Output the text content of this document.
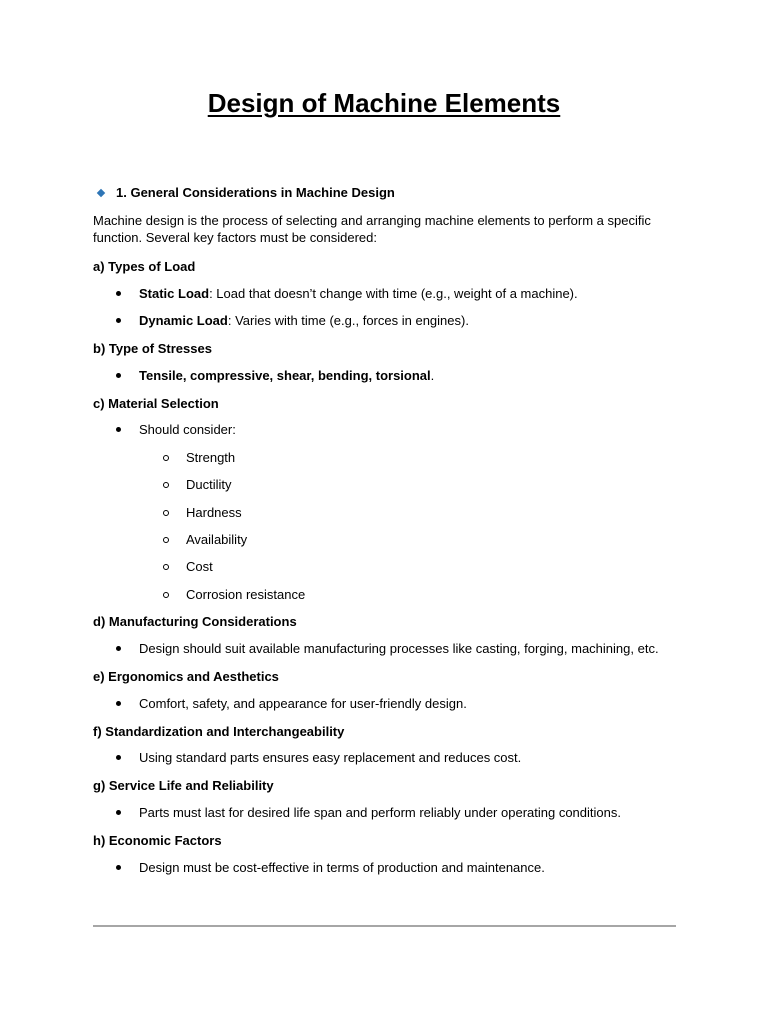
Design of Machine Elements
1. General Considerations in Machine Design
Machine design is the process of selecting and arranging machine elements to perform a specific function. Several key factors must be considered:
a) Types of Load
Static Load: Load that doesn’t change with time (e.g., weight of a machine).
Dynamic Load: Varies with time (e.g., forces in engines).
b) Type of Stresses
Tensile, compressive, shear, bending, torsional.
c) Material Selection
Should consider:
Strength
Ductility
Hardness
Availability
Cost
Corrosion resistance
d) Manufacturing Considerations
Design should suit available manufacturing processes like casting, forging, machining, etc.
e) Ergonomics and Aesthetics
Comfort, safety, and appearance for user-friendly design.
f) Standardization and Interchangeability
Using standard parts ensures easy replacement and reduces cost.
g) Service Life and Reliability
Parts must last for desired life span and perform reliably under operating conditions.
h) Economic Factors
Design must be cost-effective in terms of production and maintenance.
